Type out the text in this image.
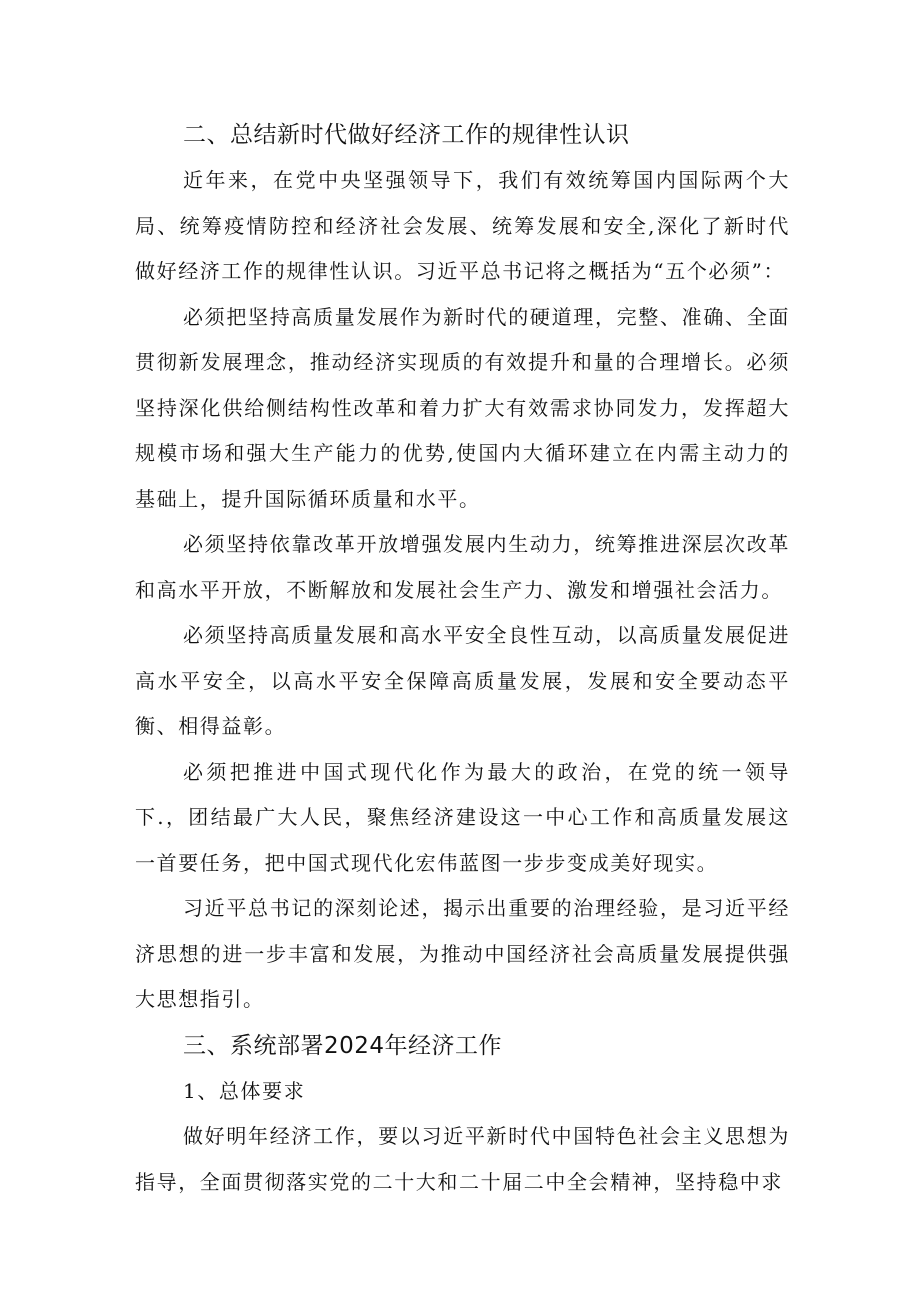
二、总结新时代做好经济工作的规律性认识

近年来，在党中央坚强领导下，我们有效统筹国内国际两个大局、统筹疫情防控和经济社会发展、统筹发展和安全,深化了新时代做好经济工作的规律性认识。习近平总书记将之概括为“五个必须”：

必须把坚持高质量发展作为新时代的硬道理，完整、准确、全面贯彻新发展理念，推动经济实现质的有效提升和量的合理增长。必须坚持深化供给侧结构性改革和着力扩大有效需求协同发力，发挥超大规模市场和强大生产能力的优势,使国内大循环建立在内需主动力的基础上，提升国际循环质量和水平。

必须坚持依靠改革开放增强发展内生动力，统筹推进深层次改革和高水平开放，不断解放和发展社会生产力、激发和增强社会活力。

必须坚持高质量发展和高水平安全良性互动，以高质量发展促进高水平安全，以高水平安全保障高质量发展，发展和安全要动态平衡、相得益彰。

必须把推进中国式现代化作为最大的政治，在党的统一领导下.，团结最广大人民，聚焦经济建设这一中心工作和高质量发展这一首要任务，把中国式现代化宏伟蓝图一步步变成美好现实。

习近平总书记的深刻论述，揭示出重要的治理经验，是习近平经济思想的进一步丰富和发展，为推动中国经济社会高质量发展提供强大思想指引。

三、系统部署2024年经济工作

1、总体要求

做好明年经济工作，要以习近平新时代中国特色社会主义思想为指导，全面贯彻落实党的二十大和二十届二中全会精神，坚持稳中求
